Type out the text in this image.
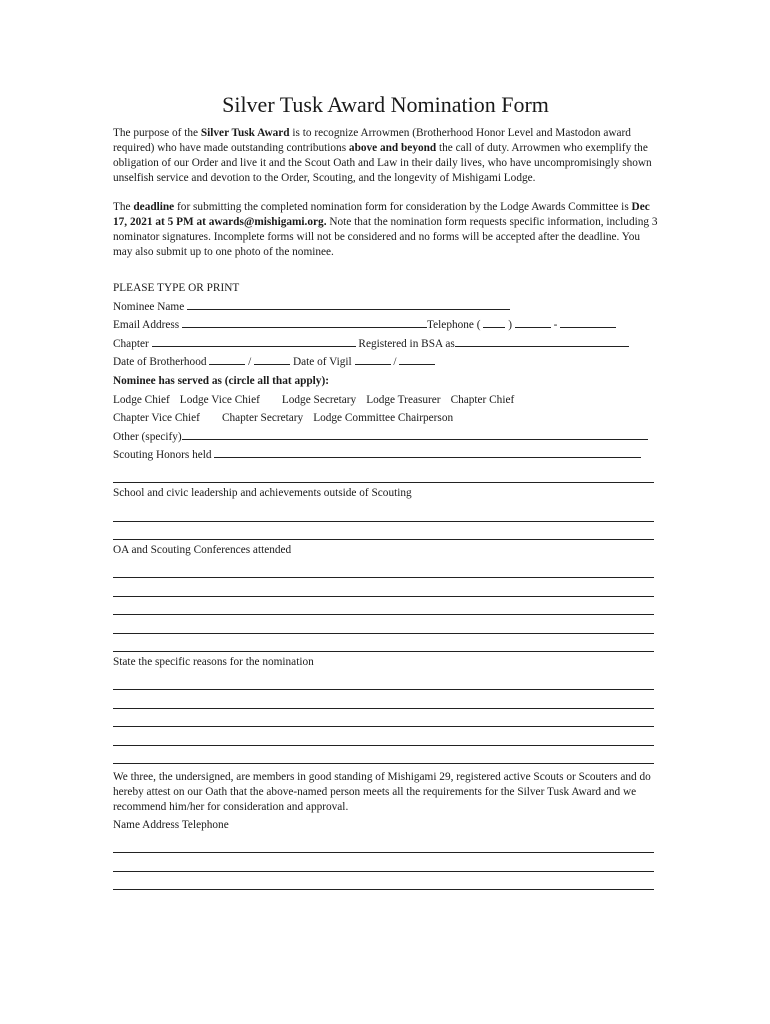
Silver Tusk Award Nomination Form

The purpose of the Silver Tusk Award is to recognize Arrowmen (Brotherhood Honor Level and Mastodon award required) who have made outstanding contributions above and beyond the call of duty. Arrowmen who exemplify the obligation of our Order and live it and the Scout Oath and Law in their daily lives, who have uncompromisingly shown unselfish service and devotion to the Order, Scouting, and the longevity of Mishigami Lodge.

The deadline for submitting the completed nomination form for consideration by the Lodge Awards Committee is Dec 17, 2021 at 5 PM at awards@mishigami.org. Note that the nomination form requests specific information, including 3 nominator signatures. Incomplete forms will not be considered and no forms will be accepted after the deadline. You may also submit up to one photo of the nominee.

PLEASE TYPE OR PRINT
Nominee Name
Email Address	Telephone ( )	-
Chapter	Registered in BSA as
Date of Brotherhood	/	Date of Vigil	/
Nominee has served as (circle all that apply):
Lodge Chief Lodge Vice Chief Lodge Secretary Lodge Treasurer Chapter Chief
Chapter Vice Chief Chapter Secretary Lodge Committee Chairperson
Other (specify)
Scouting Honors held
School and civic leadership and achievements outside of Scouting
OA and Scouting Conferences attended
State the specific reasons for the nomination

We three, the undersigned, are members in good standing of Mishigami 29, registered active Scouts or Scouters and do hereby attest on our Oath that the above-named person meets all the requirements for the Silver Tusk Award and we recommend him/her for consideration and approval.

Name Address Telephone
